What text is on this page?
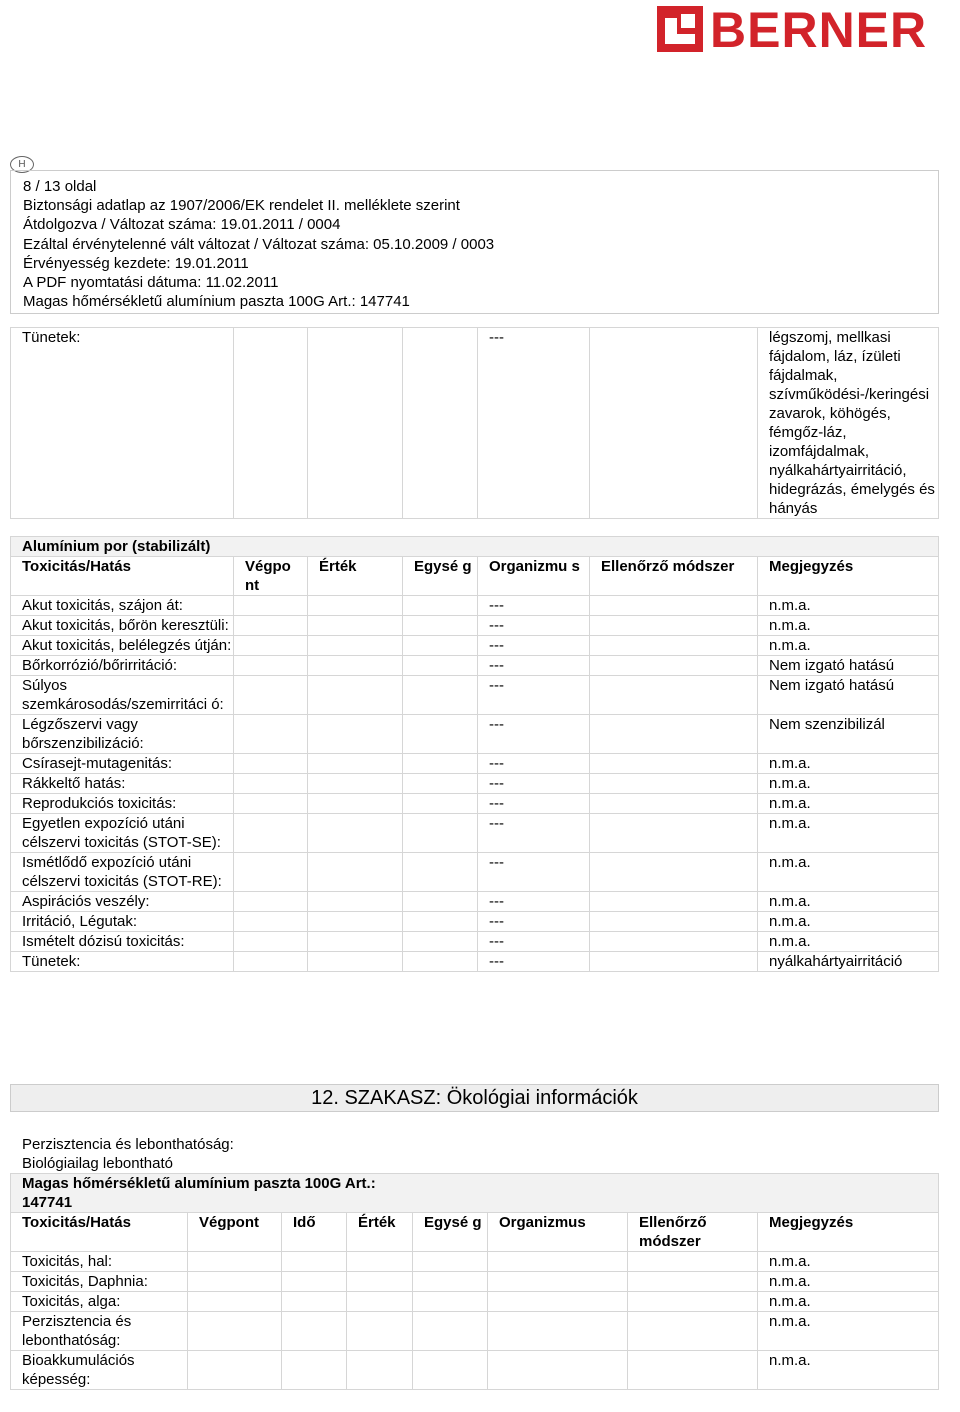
BERNER
H
8 / 13 oldal
Biztonsági adatlap az 1907/2006/EK rendelet II. melléklete szerint
Átdolgozva / Változat száma: 19.01.2011 / 0004
Ezáltal érvénytelenné vált változat / Változat száma: 05.10.2009 / 0003
Érvényesség kezdete: 19.01.2011
A PDF nyomtatási dátuma: 11.02.2011
Magas hőmérsékletű alumínium paszta 100G Art.: 147741
Tünetek:				---		légszomj, mellkasi fájdalom, láz, ízületi fájdalmak, szívműködési-/keringési zavarok, köhögés, fémgőz-láz, izomfájdalmak, nyálkahártyairritáció, hidegrázás, émelygés és hányás
Alumínium por (stabilizált)						
Toxicitás/Hatás	Végpo nt	Érték	Egysé g	Organizmu s	Ellenőrző módszer	Megjegyzés
Akut toxicitás, szájon át:				---		n.m.a.
Akut toxicitás, bőrön keresztüli:				---		n.m.a.
Akut toxicitás, belélegzés útján:				---		n.m.a.
Bőrkorrózió/bőrirritáció:				---		Nem izgató hatású
Súlyos szemkárosodás/szemirritáci ó:				---		Nem izgató hatású
Légzőszervi vagy bőrszenzibilizáció:				---		Nem szenzibilizál
Csírasejt-mutagenitás:				---		n.m.a.
Rákkeltő hatás:				---		n.m.a.
Reprodukciós toxicitás:				---		n.m.a.
Egyetlen expozíció utáni célszervi toxicitás (STOT-SE):				---		n.m.a.
Ismétlődő expozíció utáni célszervi toxicitás (STOT-RE):				---		n.m.a.
Aspirációs veszély:				---		n.m.a.
Irritáció, Légutak:				---		n.m.a.
Ismételt dózisú toxicitás:				---		n.m.a.
Tünetek:				---		nyálkahártyairritáció
12. SZAKASZ: Ökológiai információk
Perzisztencia és lebonthatóság:
Biológiailag lebontható
Magas hőmérsékletű alumínium paszta 100G Art.: 147741							
Toxicitás/Hatás	Végpont	Idő	Érték	Egysé g	Organizmus	Ellenőrző módszer	Megjegyzés
Toxicitás, hal:							n.m.a.
Toxicitás, Daphnia:							n.m.a.
Toxicitás, alga:							n.m.a.
Perzisztencia és lebonthatóság:							n.m.a.
Bioakkumulációs képesség:							n.m.a.
